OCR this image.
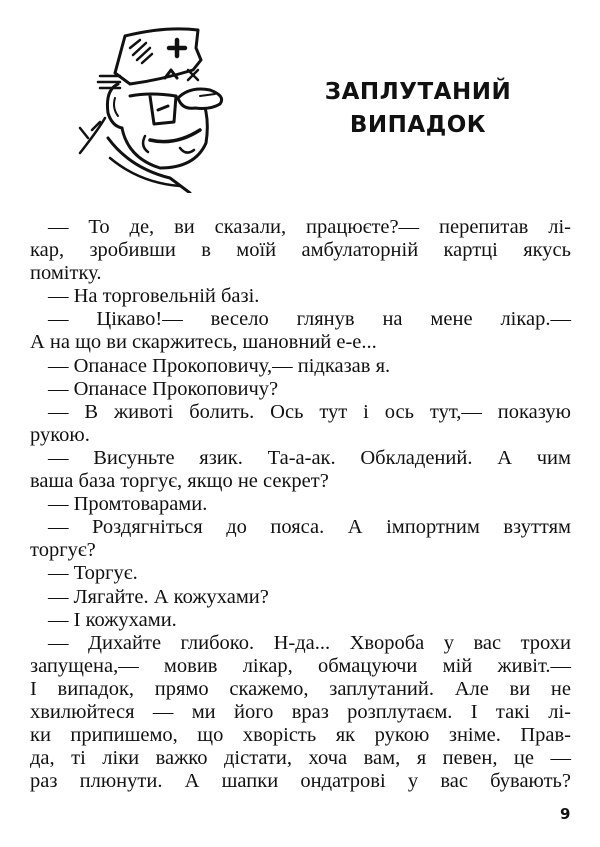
ЗАПЛУТАНИЙ
ВИПАДОК
— То де, ви сказали, працюєте?— перепитав лі-
кар, зробивши в моїй амбулаторній картці якусь
помітку.
— На торговельній базі.
— Цікаво!— весело глянув на мене лікар.—
А на що ви скаржитесь, шановний е-е...
— Опанасе Прокоповичу,— підказав я.
— Опанасе Прокоповичу?
— В животі болить. Ось тут і ось тут,— показую
рукою.
— Висуньте язик. Та-а-ак. Обкладений. А чим
ваша база торгує, якщо не секрет?
— Промтоварами.
— Роздягніться до пояса. А імпортним взуттям
торгує?
— Торгує.
— Лягайте. А кожухами?
— І кожухами.
— Дихайте глибоко. Н-да... Хвороба у вас трохи
запущена,— мовив лікар, обмацуючи мій живіт.—
І випадок, прямо скажемо, заплутаний. Але ви не
хвилюйтеся — ми його враз розплутаєм. І такі лі-
ки припишемо, що хворість як рукою зніме. Прав-
да, ті ліки важко дістати, хоча вам, я певен, це —
раз плюнути. А шапки ондатрові у вас бувають?
9
